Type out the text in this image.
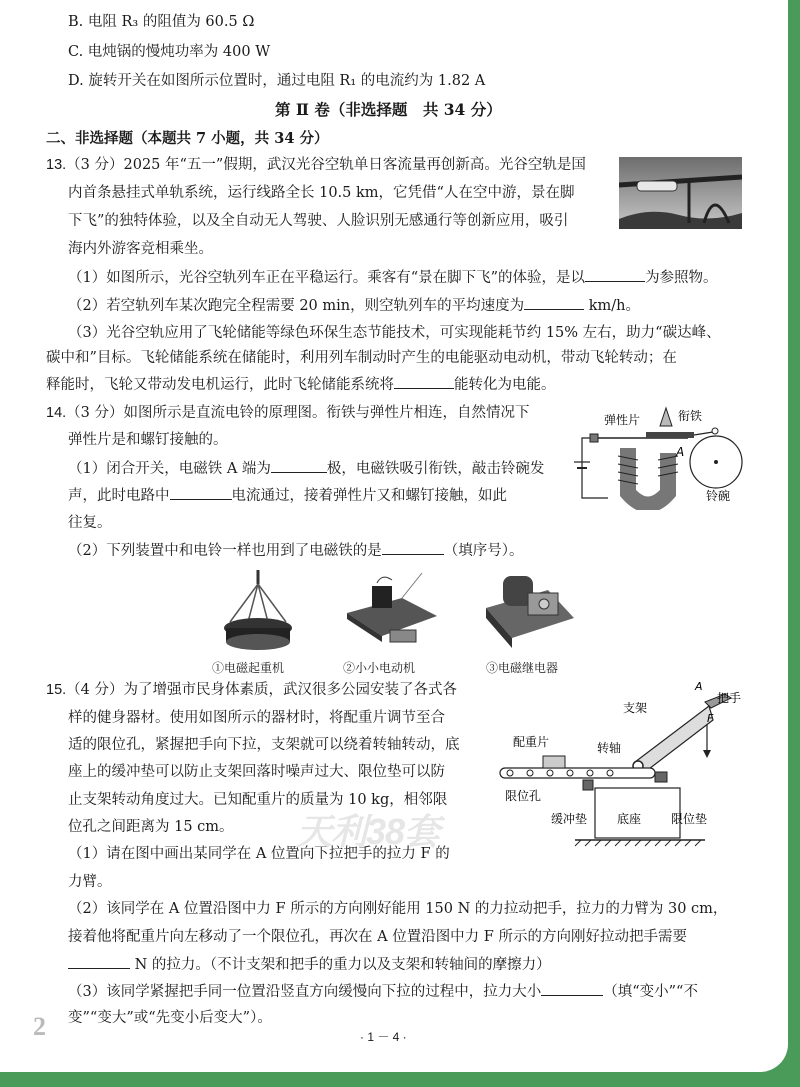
B. 电阻 R₃ 的阻值为 60.5 Ω
C. 电炖锅的慢炖功率为 400 W
D. 旋转开关在如图所示位置时，通过电阻 R₁ 的电流约为 1.82 A
第 Ⅱ 卷（非选择题　共 34 分）
二、非选择题（本题共 7 小题，共 34 分）
13.（3 分）2025 年“五一”假期，武汉光谷空轨单日客流量再创新高。光谷空轨是国
内首条悬挂式单轨系统，运行线路全长 10.5 km，它凭借“人在空中游，景在脚
下飞”的独特体验，以及全自动无人驾驶、人脸识别无感通行等创新应用，吸引
海内外游客竞相乘坐。
（1）如图所示，光谷空轨列车正在平稳运行。乘客有“景在脚下飞”的体验，是以	为参照物。
（2）若空轨列车某次跑完全程需要 20 min，则空轨列车的平均速度为	km/h。
（3）光谷空轨应用了飞轮储能等绿色环保生态节能技术，可实现能耗节约 15% 左右，助力“碳达峰、
碳中和”目标。飞轮储能系统在储能时，利用列车制动时产生的电能驱动电动机，带动飞轮转动；在
释能时，飞轮又带动发电机运行，此时飞轮储能系统将	能转化为电能。
14.（3 分）如图所示是直流电铃的原理图。衔铁与弹性片相连，自然情况下
弹性片是和螺钉接触的。
（1）闭合开关，电磁铁 A 端为	极，电磁铁吸引衔铁，敲击铃碗发
声，此时电路中	电流通过，接着弹性片又和螺钉接触，如此
往复。
（2）下列装置中和电铃一样也用到了电磁铁的是	（填序号）。
弹性片	衔铁
A
铃碗
①电磁起重机	②小小电动机	③电磁继电器
15.（4 分）为了增强市民身体素质，武汉很多公园安装了各式各
样的健身器材。使用如图所示的器材时，将配重片调节至合
适的限位孔，紧握把手向下拉，支架就可以绕着转轴转动，底
座上的缓冲垫可以防止支架回落时噪声过大、限位垫可以防
止支架转动角度过大。已知配重片的质量为 10 kg，相邻限
位孔之间距离为 15 cm。
（1）请在图中画出某同学在 A 位置向下拉把手的拉力 F 的
力臂。
A
把手
支架
F
配重片	转轴
限位孔
缓冲垫 底座 限位垫
天利38套
（2）该同学在 A 位置沿图中力 F 所示的方向刚好能用 150 N 的力拉动把手，拉力的力臂为 30 cm，
接着他将配重片向左移动了一个限位孔，再次在 A 位置沿图中力 F 所示的方向刚好拉动把手需要
N 的拉力。（不计支架和把手的重力以及支架和转轴间的摩擦力）
（3）该同学紧握把手同一位置沿竖直方向缓慢向下拉的过程中，拉力大小	（填“变小”“不
变”“变大”或“先变小后变大”）。
2	· 1 － 4 ·
